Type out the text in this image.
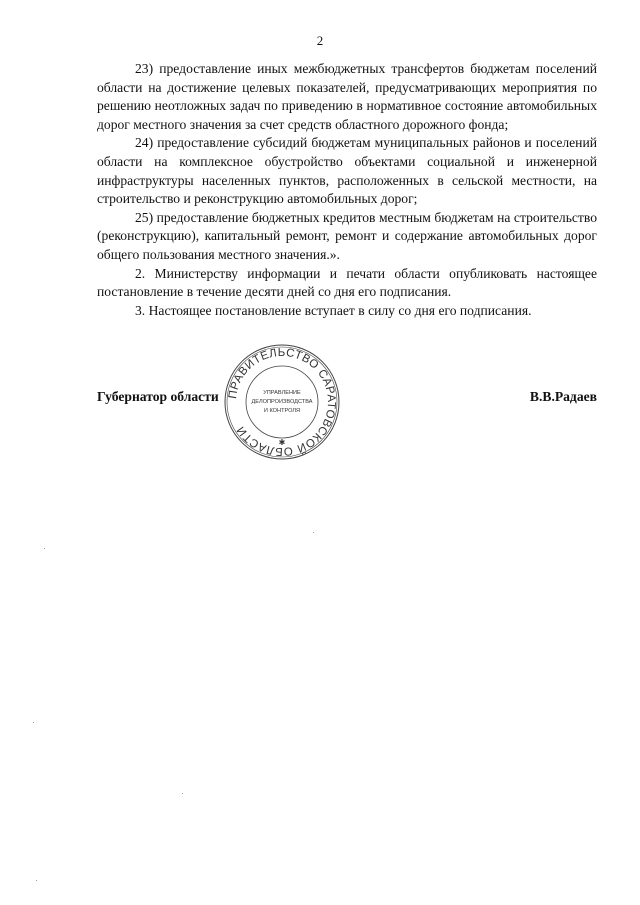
2

23) предоставление иных межбюджетных трансфертов бюджетам поселений области на достижение целевых показателей, предусматривающих мероприятия по решению неотложных задач по приведению в нормативное состояние автомобильных дорог местного значения за счет средств областного дорожного фонда;

24) предоставление субсидий бюджетам муниципальных районов и поселений области на комплексное обустройство объектами социальной и инженерной инфраструктуры населенных пунктов, расположенных в сельской местности, на строительство и реконструкцию автомобильных дорог;

25) предоставление бюджетных кредитов местным бюджетам на строительство (реконструкцию), капитальный ремонт, ремонт и содержание автомобильных дорог общего пользования местного значения.».

2. Министерству информации и печати области опубликовать настоящее постановление в течение десяти дней со дня его подписания.

3. Настоящее постановление вступает в силу со дня его подписания.

ПРАВИТЕЛЬСТВО САРАТОВСКОЙ ОБЛАСТИ
УПРАВЛЕНИЕ
ДЕЛОПРОИЗВОДСТВА
И КОНТРОЛЯ
✱
Губернатор области	В.В.Радаев
